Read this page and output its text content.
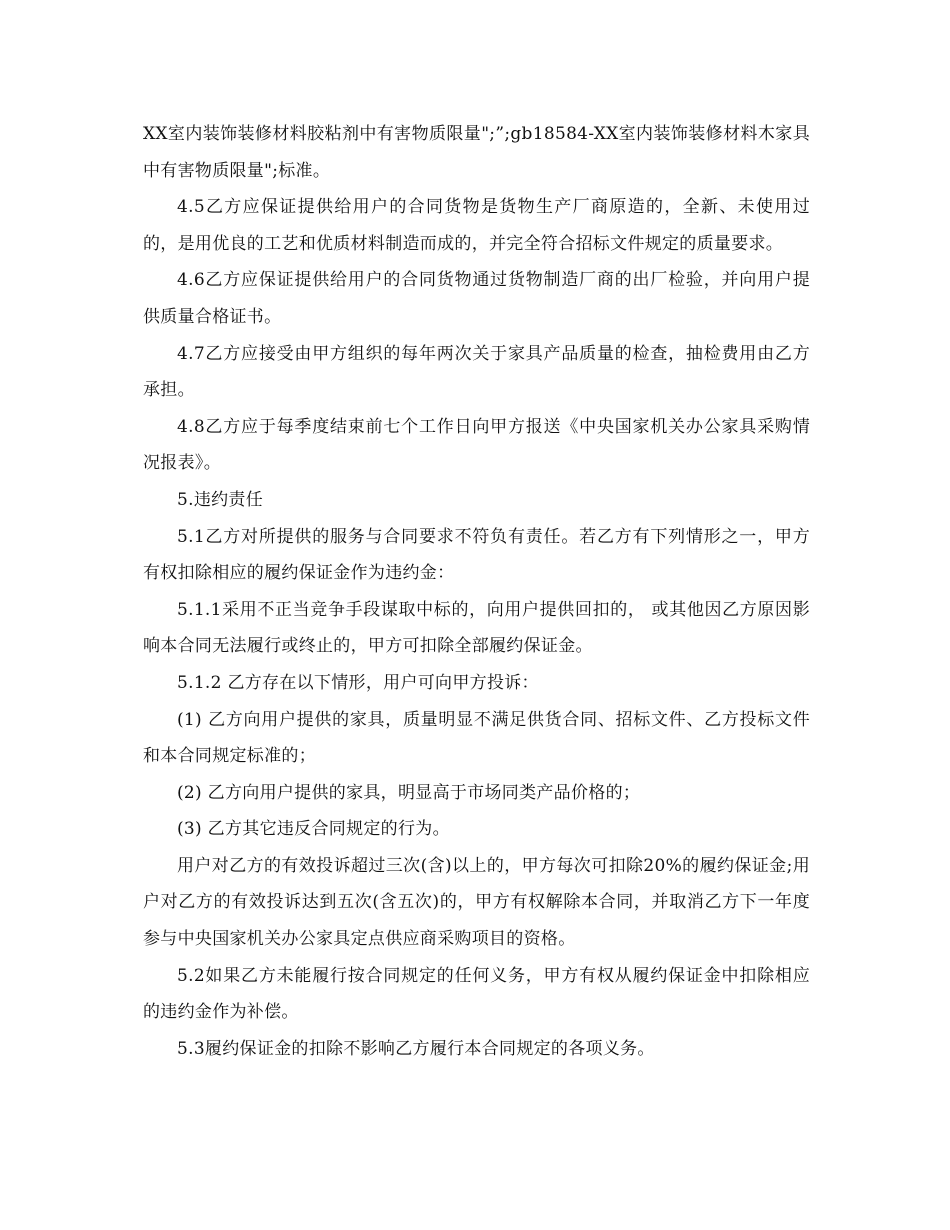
XX室内装饰装修材料胶粘剂中有害物质限量";”;gb18584-XX室内装饰装修材料木家具中有害物质限量";标准。

4.5乙方应保证提供给用户的合同货物是货物生产厂商原造的，全新、未使用过的，是用优良的工艺和优质材料制造而成的，并完全符合招标文件规定的质量要求。

4.6乙方应保证提供给用户的合同货物通过货物制造厂商的出厂检验，并向用户提供质量合格证书。

4.7乙方应接受由甲方组织的每年两次关于家具产品质量的检查，抽检费用由乙方承担。

4.8乙方应于每季度结束前七个工作日向甲方报送《中央国家机关办公家具采购情况报表》。

5.违约责任

5.1乙方对所提供的服务与合同要求不符负有责任。若乙方有下列情形之一，甲方有权扣除相应的履约保证金作为违约金：

5.1.1采用不正当竞争手段谋取中标的，向用户提供回扣的， 或其他因乙方原因影响本合同无法履行或终止的，甲方可扣除全部履约保证金。

5.1.2 乙方存在以下情形，用户可向甲方投诉：

(1) 乙方向用户提供的家具，质量明显不满足供货合同、招标文件、乙方投标文件和本合同规定标准的；

(2) 乙方向用户提供的家具，明显高于市场同类产品价格的；

(3) 乙方其它违反合同规定的行为。

用户对乙方的有效投诉超过三次(含)以上的，甲方每次可扣除20%的履约保证金;用户对乙方的有效投诉达到五次(含五次)的，甲方有权解除本合同，并取消乙方下一年度参与中央国家机关办公家具定点供应商采购项目的资格。

5.2如果乙方未能履行按合同规定的任何义务，甲方有权从履约保证金中扣除相应的违约金作为补偿。

5.3履约保证金的扣除不影响乙方履行本合同规定的各项义务。
